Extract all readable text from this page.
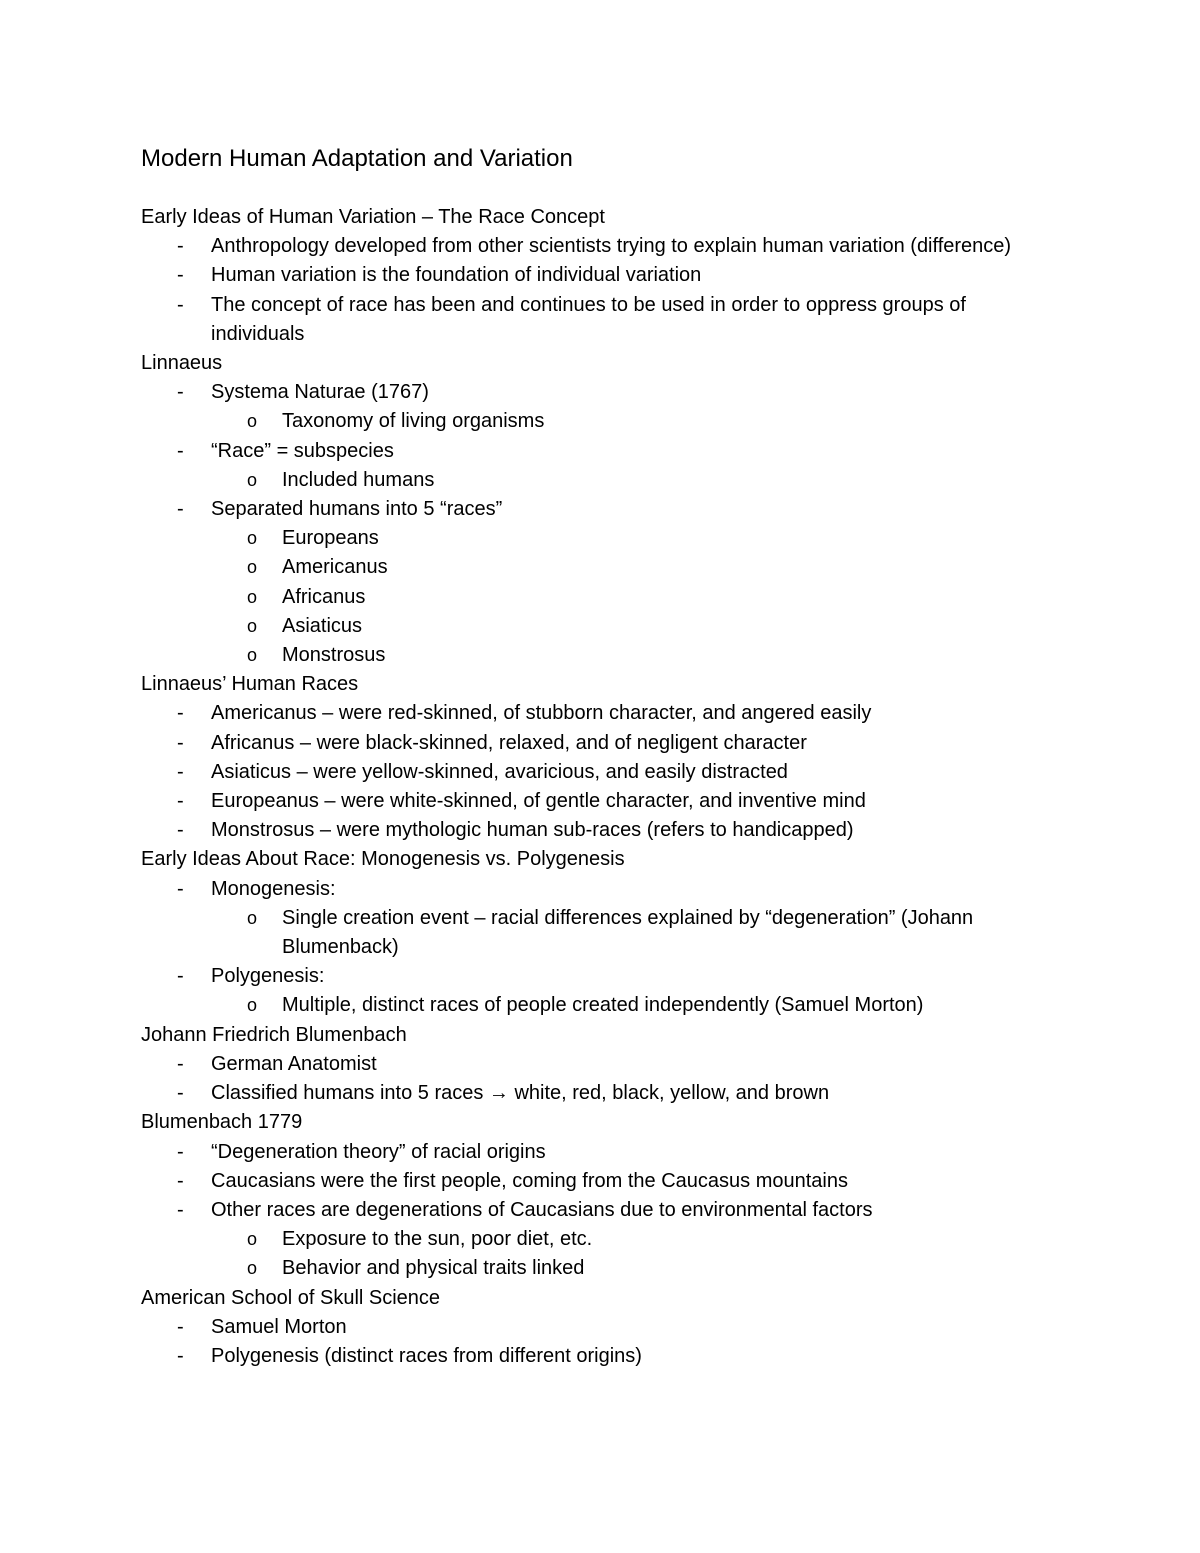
Modern Human Adaptation and Variation
Early Ideas of Human Variation – The Race Concept
- Anthropology developed from other scientists trying to explain human variation (difference)
- Human variation is the foundation of individual variation
- The concept of race has been and continues to be used in order to oppress groups of individuals
Linnaeus
- Systema Naturae (1767)
o Taxonomy of living organisms
- “Race” = subspecies
o Included humans
- Separated humans into 5 “races”
o Europeans
o Americanus
o Africanus
o Asiaticus
o Monstrosus
Linnaeus’ Human Races
- Americanus – were red-skinned, of stubborn character, and angered easily
- Africanus – were black-skinned, relaxed, and of negligent character
- Asiaticus – were yellow-skinned, avaricious, and easily distracted
- Europeanus – were white-skinned, of gentle character, and inventive mind
- Monstrosus – were mythologic human sub-races (refers to handicapped)
Early Ideas About Race: Monogenesis vs. Polygenesis
- Monogenesis:
o Single creation event – racial differences explained by “degeneration” (Johann Blumenback)
- Polygenesis:
o Multiple, distinct races of people created independently (Samuel Morton)
Johann Friedrich Blumenbach
- German Anatomist
- Classified humans into 5 races → white, red, black, yellow, and brown
Blumenbach 1779
- “Degeneration theory” of racial origins
- Caucasians were the first people, coming from the Caucasus mountains
- Other races are degenerations of Caucasians due to environmental factors
o Exposure to the sun, poor diet, etc.
o Behavior and physical traits linked
American School of Skull Science
- Samuel Morton
- Polygenesis (distinct races from different origins)
